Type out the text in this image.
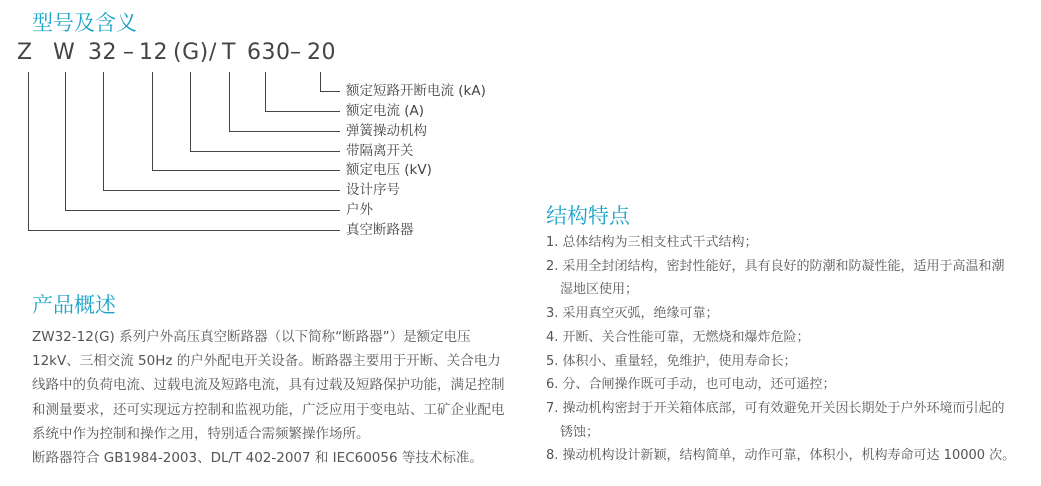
型号及含义
Z W 32 – 12 (G) / T 630 – 20
额定短路开断电流 (kA)
额定电流 (A)
弹簧操动机构
带隔离开关
额定电压 (kV)
设计序号
户外
真空断路器
产品概述

ZW32-12(G) 系列户外高压真空断路器（以下简称“断路器”）是额定电压12kV、三相交流 50Hz 的户外配电开关设备。断路器主要用于开断、关合电力线路中的负荷电流、过载电流及短路电流，具有过载及短路保护功能，满足控制和测量要求，还可实现远方控制和监视功能，广泛应用于变电站、工矿企业配电系统中作为控制和操作之用，特别适合需频繁操作场所。

断路器符合 GB1984-2003、DL/T 402-2007 和 IEC60056 等技术标准。

结构特点
1. 总体结构为三相支柱式干式结构；
2. 采用全封闭结构，密封性能好，具有良好的防潮和防凝性能，适用于高温和潮湿地区使用；
3. 采用真空灭弧，绝缘可靠；
4. 开断、关合性能可靠，无燃烧和爆炸危险；
5. 体积小、重量轻，免维护，使用寿命长；
6. 分、合闸操作既可手动，也可电动，还可遥控；
7. 操动机构密封于开关箱体底部，可有效避免开关因长期处于户外环境而引起的锈蚀；
8. 操动机构设计新颖，结构简单，动作可靠，体积小，机构寿命可达 10000 次。
